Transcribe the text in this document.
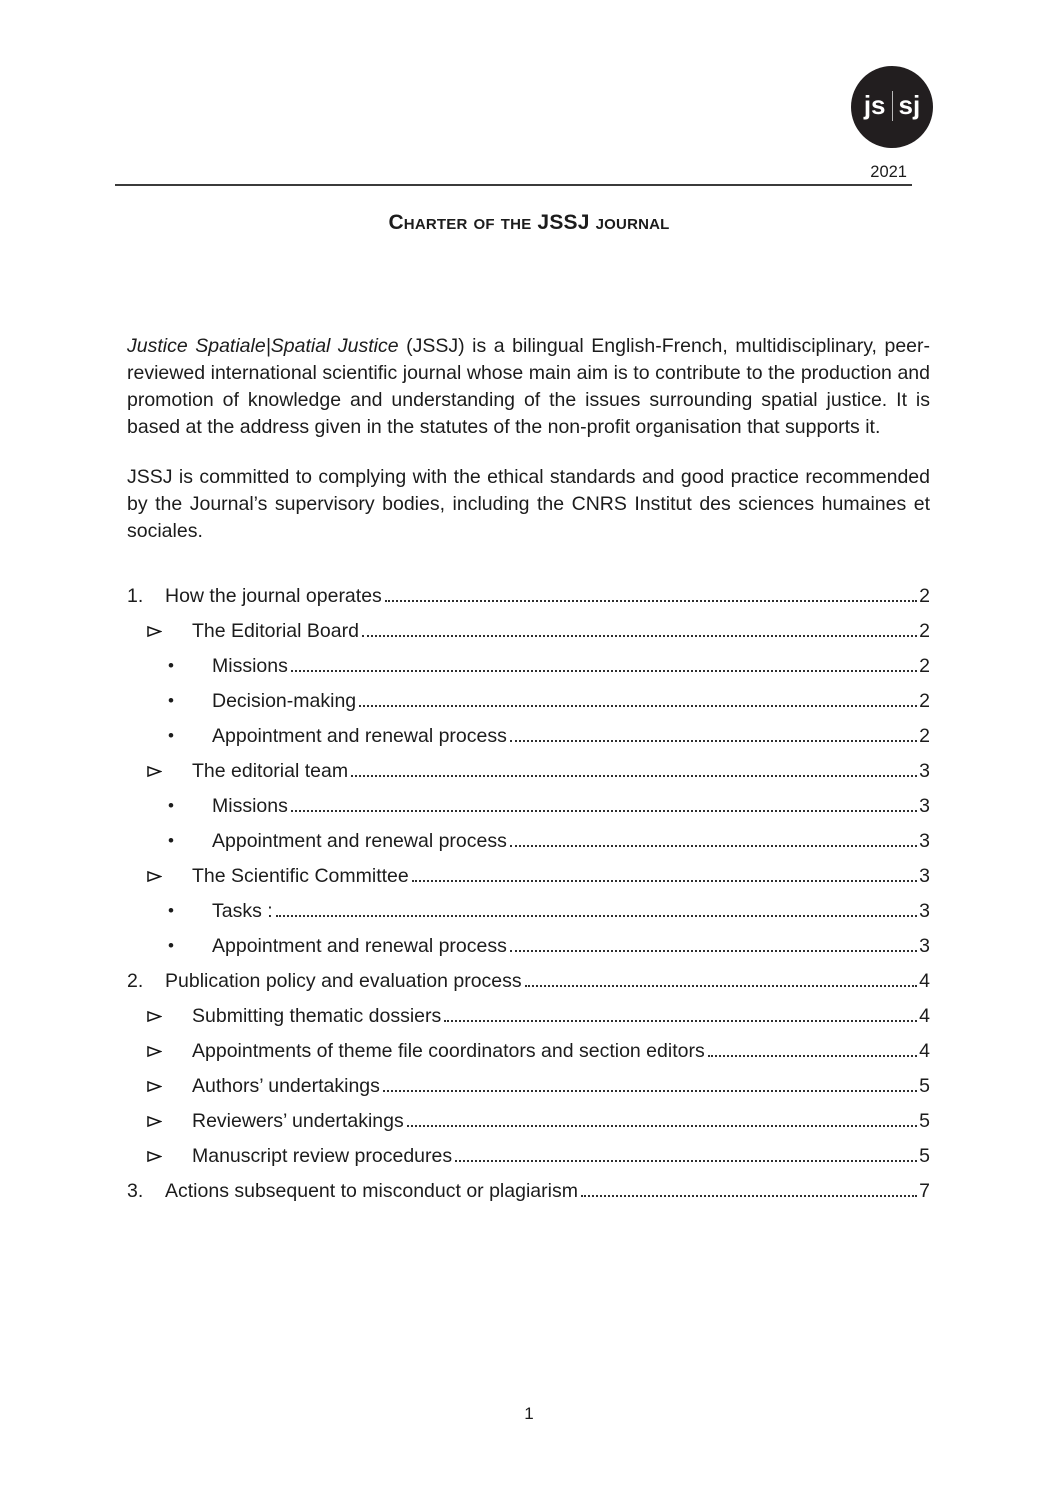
js sj
2021
Charter of the JSSJ journal

Justice Spatiale|Spatial Justice (JSSJ) is a bilingual English-French, multidisciplinary, peer-reviewed international scientific journal whose main aim is to contribute to the production and promotion of knowledge and understanding of the issues surrounding spatial justice. It is based at the address given in the statutes of the non-profit organisation that supports it.

JSSJ is committed to complying with the ethical standards and good practice recommended by the Journal’s supervisory bodies, including the CNRS Institut des sciences humaines et sociales.

1.	How the journal operates	2
The Editorial Board	2
•	Missions	2
•	Decision-making	2
•	Appointment and renewal process	2
The editorial team	3
•	Missions	3
•	Appointment and renewal process	3
The Scientific Committee	3
•	Tasks :	3
•	Appointment and renewal process	3
2.	Publication policy and evaluation process	4
Submitting thematic dossiers	4
Appointments of theme file coordinators and section editors	4
Authors’ undertakings	5
Reviewers’ undertakings	5
Manuscript review procedures	5
3.	Actions subsequent to misconduct or plagiarism	7
1
